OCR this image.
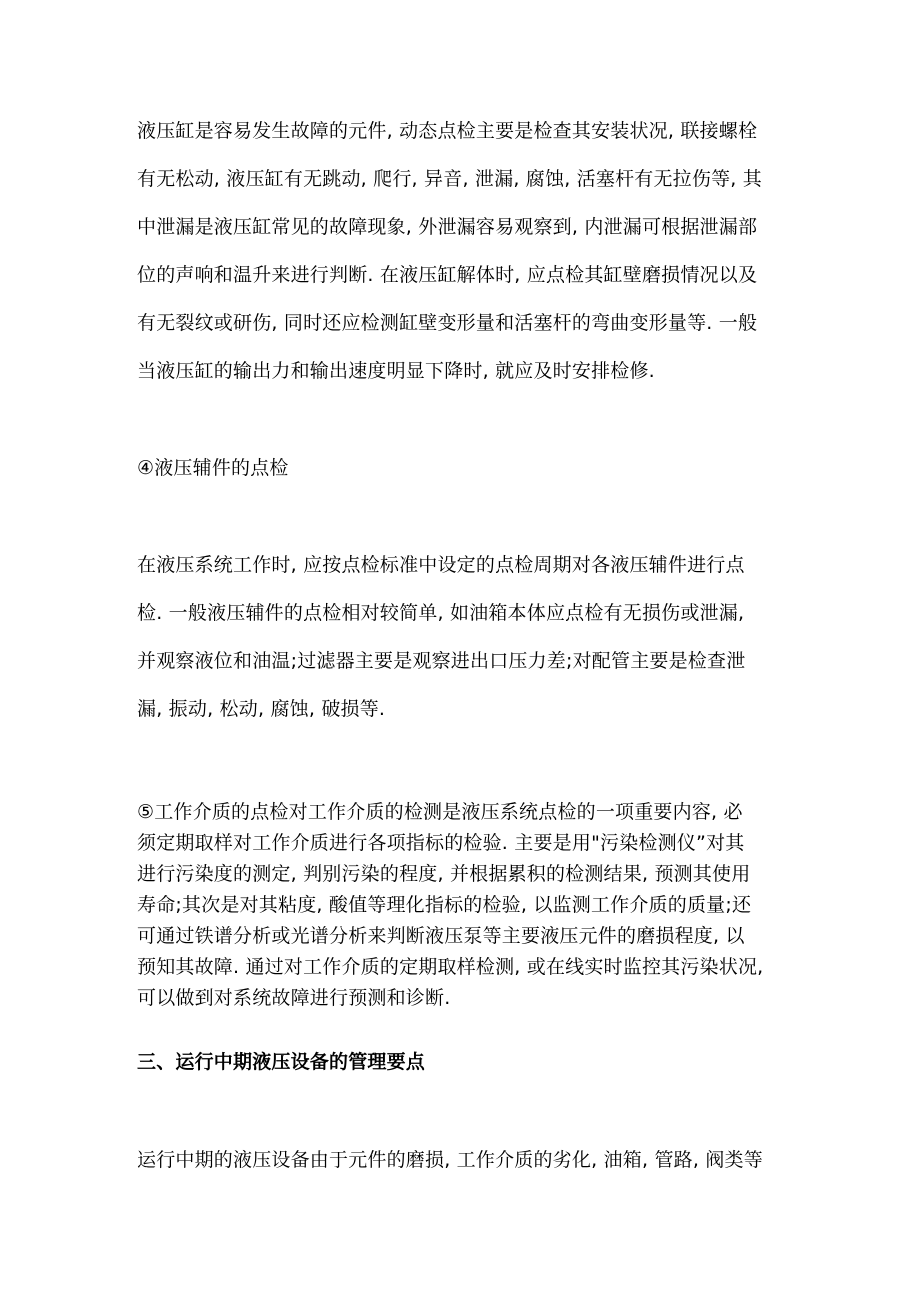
液压缸是容易发生故障的元件, 动态点检主要是检查其安装状况, 联接螺栓
有无松动, 液压缸有无跳动, 爬行, 异音, 泄漏, 腐蚀, 活塞杆有无拉伤等, 其
中泄漏是液压缸常见的故障现象, 外泄漏容易观察到, 内泄漏可根据泄漏部
位的声响和温升来进行判断. 在液压缸解体时, 应点检其缸壁磨损情况以及
有无裂纹或研伤, 同时还应检测缸壁变形量和活塞杆的弯曲变形量等. 一般
当液压缸的输出力和输出速度明显下降时, 就应及时安排检修.
④液压辅件的点检
在液压系统工作时, 应按点检标准中设定的点检周期对各液压辅件进行点
检. 一般液压辅件的点检相对较简单, 如油箱本体应点检有无损伤或泄漏,
并观察液位和油温;过滤器主要是观察进出口压力差;对配管主要是检查泄
漏, 振动, 松动, 腐蚀, 破损等.
⑤工作介质的点检对工作介质的检测是液压系统点检的一项重要内容, 必
须定期取样对工作介质进行各项指标的检验. 主要是用"污染检测仪”对其
进行污染度的测定, 判别污染的程度, 并根据累积的检测结果, 预测其使用
寿命;其次是对其粘度, 酸值等理化指标的检验, 以监测工作介质的质量;还
可通过铁谱分析或光谱分析来判断液压泵等主要液压元件的磨损程度, 以
预知其故障. 通过对工作介质的定期取样检测, 或在线实时监控其污染状况,
可以做到对系统故障进行预测和诊断.
三、运行中期液压设备的管理要点
运行中期的液压设备由于元件的磨损, 工作介质的劣化, 油箱, 管路, 阀类等
